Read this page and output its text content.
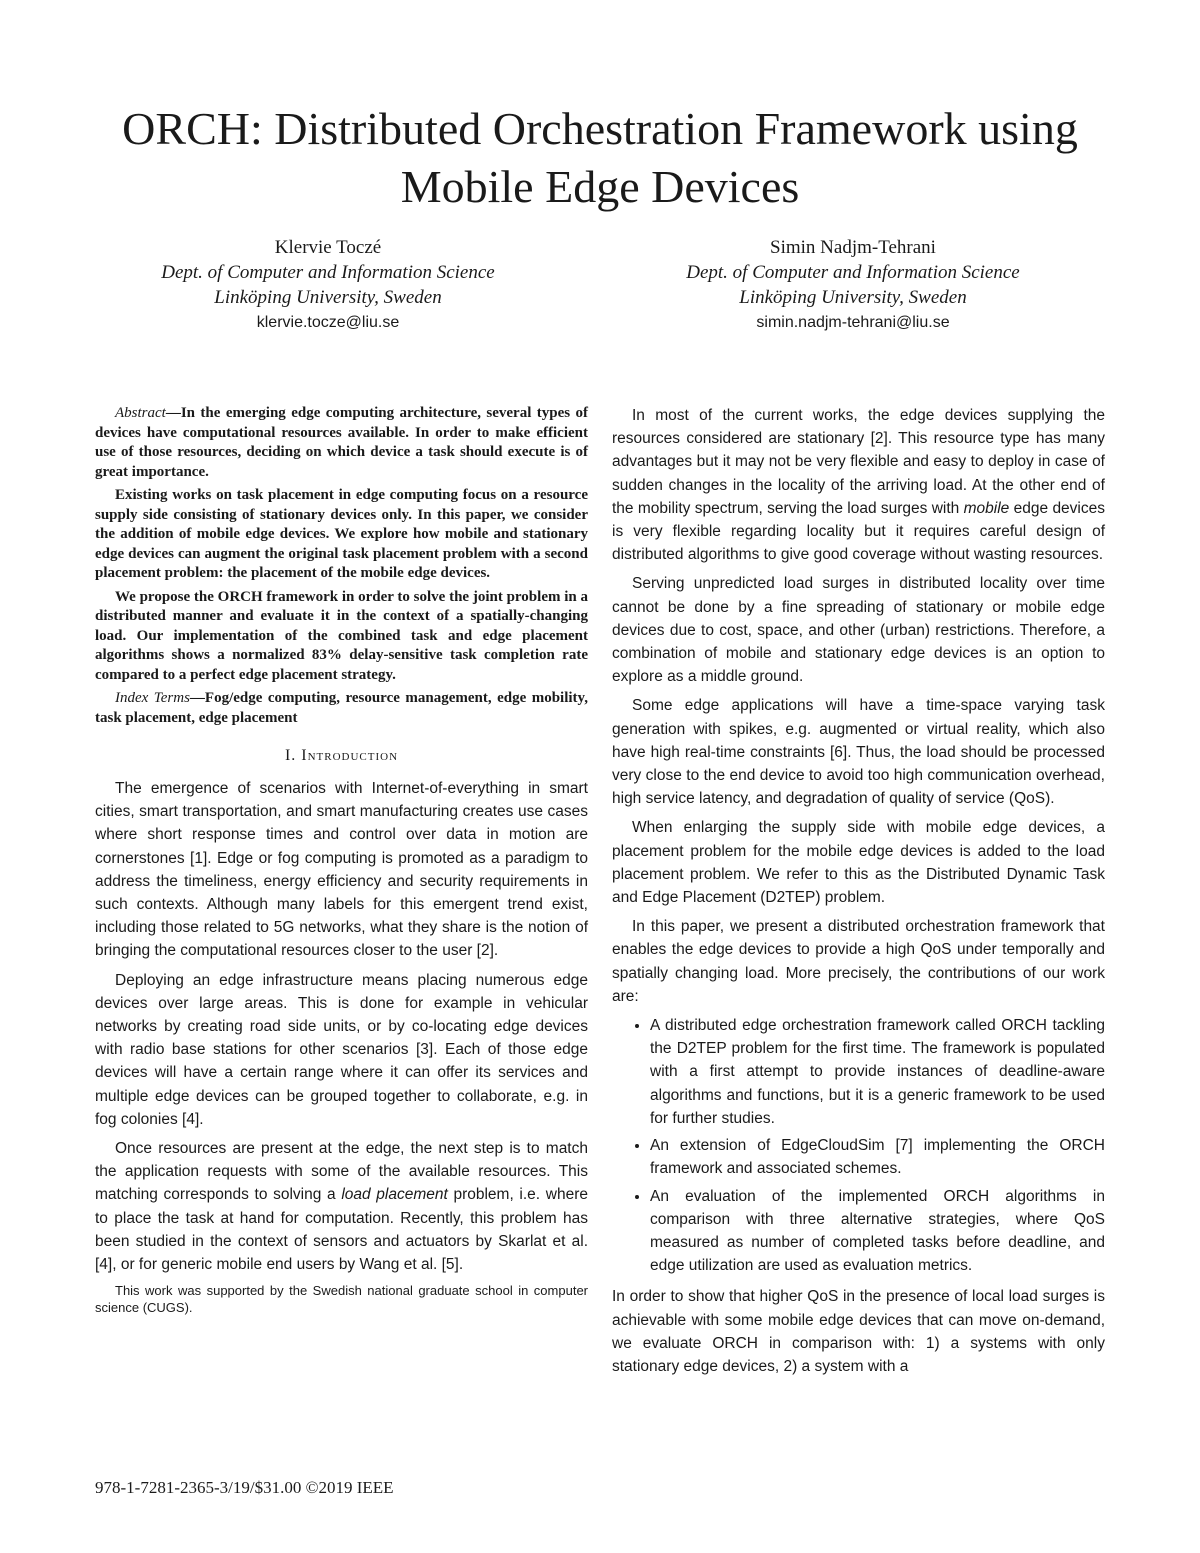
ORCH: Distributed Orchestration Framework using
Mobile Edge Devices
Klervie Toczé
Dept. of Computer and Information Science
Linköping University, Sweden
klervie.tocze@liu.se
Simin Nadjm-Tehrani
Dept. of Computer and Information Science
Linköping University, Sweden
simin.nadjm-tehrani@liu.se

Abstract—In the emerging edge computing architecture, several types of devices have computational resources available. In order to make efficient use of those resources, deciding on which device a task should execute is of great importance.

Existing works on task placement in edge computing focus on a resource supply side consisting of stationary devices only. In this paper, we consider the addition of mobile edge devices. We explore how mobile and stationary edge devices can augment the original task placement problem with a second placement problem: the placement of the mobile edge devices.

We propose the ORCH framework in order to solve the joint problem in a distributed manner and evaluate it in the context of a spatially-changing load. Our implementation of the combined task and edge placement algorithms shows a normalized 83% delay-sensitive task completion rate compared to a perfect edge placement strategy.

Index Terms—Fog/edge computing, resource management, edge mobility, task placement, edge placement

I. Introduction

The emergence of scenarios with Internet-of-everything in smart cities, smart transportation, and smart manufacturing creates use cases where short response times and control over data in motion are cornerstones [1]. Edge or fog computing is promoted as a paradigm to address the timeliness, energy efficiency and security requirements in such contexts. Although many labels for this emergent trend exist, including those related to 5G networks, what they share is the notion of bringing the computational resources closer to the user [2].

Deploying an edge infrastructure means placing numerous edge devices over large areas. This is done for example in vehicular networks by creating road side units, or by co-locating edge devices with radio base stations for other scenarios [3]. Each of those edge devices will have a certain range where it can offer its services and multiple edge devices can be grouped together to collaborate, e.g. in fog colonies [4].

Once resources are present at the edge, the next step is to match the application requests with some of the available resources. This matching corresponds to solving a load placement problem, i.e. where to place the task at hand for computation. Recently, this problem has been studied in the context of sensors and actuators by Skarlat et al. [4], or for generic mobile end users by Wang et al. [5].

This work was supported by the Swedish national graduate school in computer science (CUGS).

In most of the current works, the edge devices supplying the resources considered are stationary [2]. This resource type has many advantages but it may not be very flexible and easy to deploy in case of sudden changes in the locality of the arriving load. At the other end of the mobility spectrum, serving the load surges with mobile edge devices is very flexible regarding locality but it requires careful design of distributed algorithms to give good coverage without wasting resources.

Serving unpredicted load surges in distributed locality over time cannot be done by a fine spreading of stationary or mobile edge devices due to cost, space, and other (urban) restrictions. Therefore, a combination of mobile and stationary edge devices is an option to explore as a middle ground.

Some edge applications will have a time-space varying task generation with spikes, e.g. augmented or virtual reality, which also have high real-time constraints [6]. Thus, the load should be processed very close to the end device to avoid too high communication overhead, high service latency, and degradation of quality of service (QoS).

When enlarging the supply side with mobile edge devices, a placement problem for the mobile edge devices is added to the load placement problem. We refer to this as the Distributed Dynamic Task and Edge Placement (D2TEP) problem.

In this paper, we present a distributed orchestration framework that enables the edge devices to provide a high QoS under temporally and spatially changing load. More precisely, the contributions of our work are:

• A distributed edge orchestration framework called ORCH tackling the D2TEP problem for the first time. The framework is populated with a first attempt to provide instances of deadline-aware algorithms and functions, but it is a generic framework to be used for further studies.
• An extension of EdgeCloudSim [7] implementing the ORCH framework and associated schemes.
• An evaluation of the implemented ORCH algorithms in comparison with three alternative strategies, where QoS measured as number of completed tasks before deadline, and edge utilization are used as evaluation metrics.

In order to show that higher QoS in the presence of local load surges is achievable with some mobile edge devices that can move on-demand, we evaluate ORCH in comparison with: 1) a systems with only stationary edge devices, 2) a system with a

978-1-7281-2365-3/19/$31.00 ©2019 IEEE
